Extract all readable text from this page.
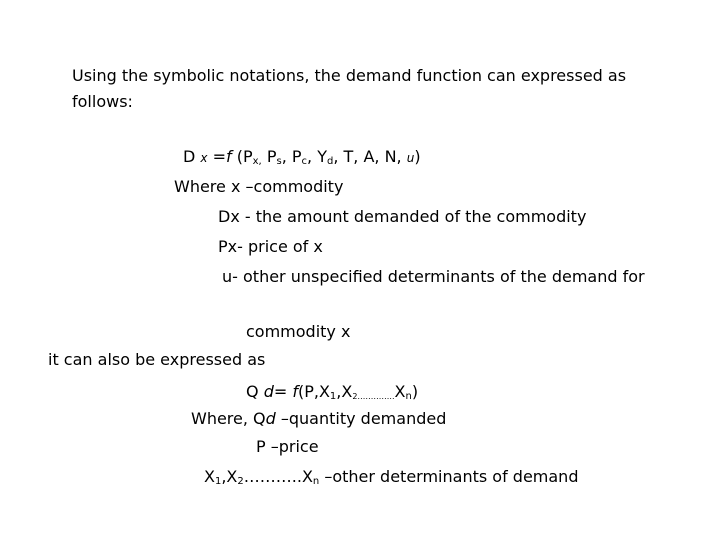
Using the symbolic notations, the demand function can expressed as
follows:
D x =f ($P_{x,}$ $P_s$, $P_c$, $Y_d$, T, A, N, u)
Where x –commodity
Dx - the amount demanded of the commodity
Px- price of x
u- other unspecified determinants of the demand for
commodity x
it can also be expressed as
Q $d= f(P,X_1,X2\dots\dots\dots\dots..X_n)$
Where, Qd –quantity demanded
P –price
$X_1,X_2\dots\dots\dots..X_n$ –other determinants of demand
